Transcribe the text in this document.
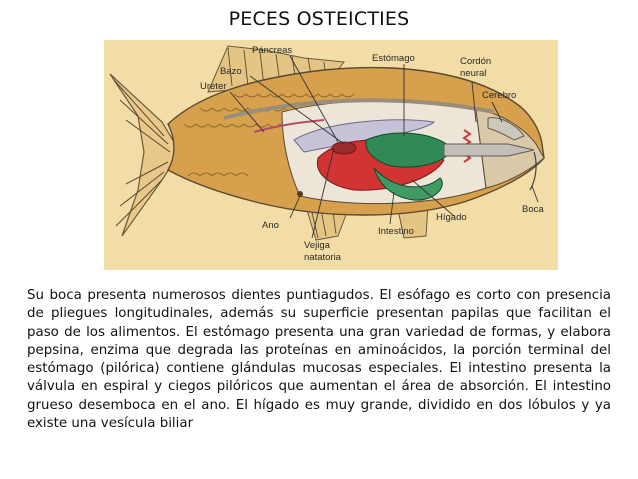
PECES OSTEICTIES
Páncreas
Estómago	Cordón
neural
Bazo
Ureter
Cerebro
Boca
Hígado
Ano
Intestino
Vejiga
natatoria

Su boca presenta numerosos dientes puntiagudos. El esófago es corto con presencia de pliegues longitudinales, además su superficie presentan papilas que facilitan el paso de los alimentos. El estómago presenta una gran variedad de formas, y elabora pepsina, enzima que degrada las proteínas en aminoácidos, la porción terminal del estómago (pilórica) contiene glándulas mucosas especiales. El intestino presenta la válvula en espiral y ciegos pilóricos que aumentan el área de absorción. El intestino grueso desemboca en el ano. El hígado es muy grande, dividido en dos lóbulos y ya existe una vesícula biliar
